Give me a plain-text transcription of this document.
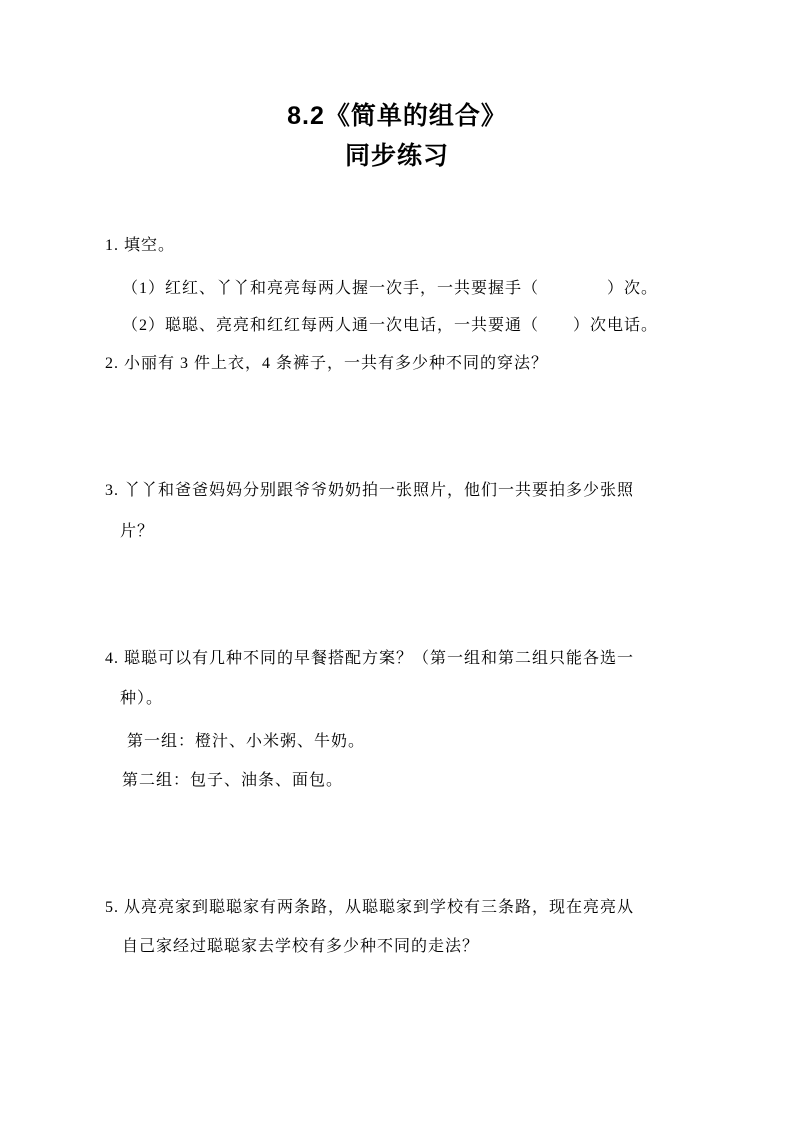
8.2《简单的组合》
同步练习
1. 填空。
（1）红红、丫丫和亮亮每两人握一次手，一共要握手（　　　　）次。
（2）聪聪、亮亮和红红每两人通一次电话，一共要通（　　）次电话。
2. 小丽有 3 件上衣，4 条裤子，一共有多少种不同的穿法？
3. 丫丫和爸爸妈妈分别跟爷爷奶奶拍一张照片，他们一共要拍多少张照
片？
4. 聪聪可以有几种不同的早餐搭配方案？（第一组和第二组只能各选一
种）。
第一组：橙汁、小米粥、牛奶。
第二组：包子、油条、面包。
5. 从亮亮家到聪聪家有两条路，从聪聪家到学校有三条路，现在亮亮从
自己家经过聪聪家去学校有多少种不同的走法？
